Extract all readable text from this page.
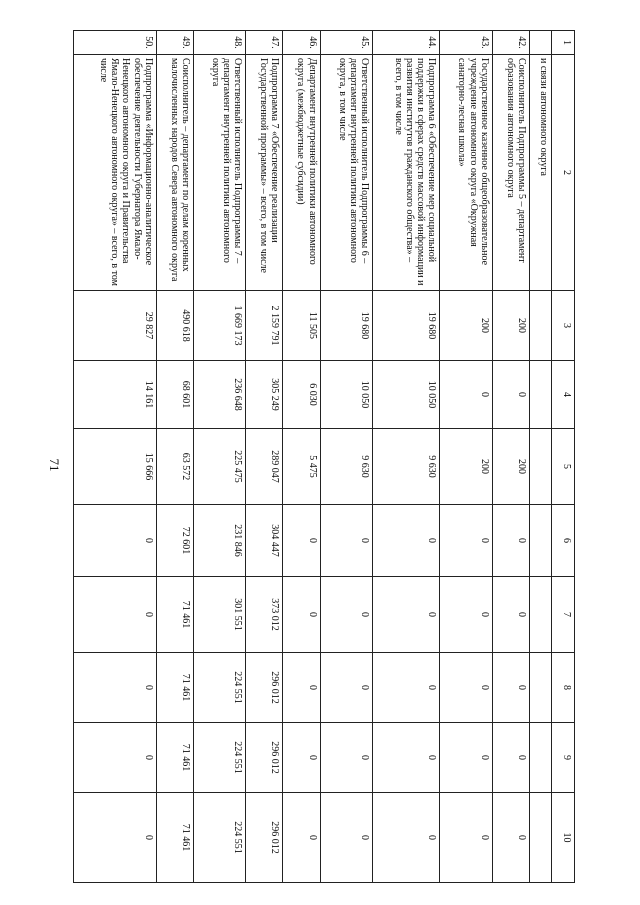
71
1	2	3	4	5	6	7	8	9	10
	и связи автономного округа								
42.	Соисполнитель Подпрограммы 5 – департамент образования автономного округа	200	0	200	0	0	0	0	0
43.	Государственное казенное общеобразовательное учреждение автономного округа «Окружная санаторно-лесная школа»	200	0	200	0	0	0	0	0
44.	Подпрограмма 6 «Обеспечение мер социальной поддержки в сферах средств массовой информации и развития институтов гражданского общества» – всего, в том числе	19 680	10 050	9 630	0	0	0	0	0
45.	Ответственный исполнитель Подпрограммы 6 – департамент внутренней политики автономного округа, в том числе	19 680	10 050	9 630	0	0	0	0	0
46.	Департамент внутренней политики автономного округа (межбюджетные субсидии)	11 505	6 030	5 475	0	0	0	0	0
47.	Подпрограмма 7 «Обеспечение реализации Государственной программы» – всего, в том числе	2 159 791	305 249	289 047	304 447	373 012	296 012	296 012	296 012
48.	Ответственный исполнитель Подпрограммы 7 – департамент внутренней политики автономного округа	1 669 173	236 648	225 475	231 846	301 551	224 551	224 551	224 551
49.	Соисполнитель – департамент по делам коренных малочисленных народов Севера автономного округа	490 618	68 601	63 572	72 601	71 461	71 461	71 461	71 461
50.	Подпрограмма «Информационно-аналитическое обеспечение деятельности Губернатора Ямало-Ненецкого автономного округа и Правительства Ямало-Ненецкого автономного округа» – всего, в том числе	29 827	14 161	15 666	0	0	0	0	0
